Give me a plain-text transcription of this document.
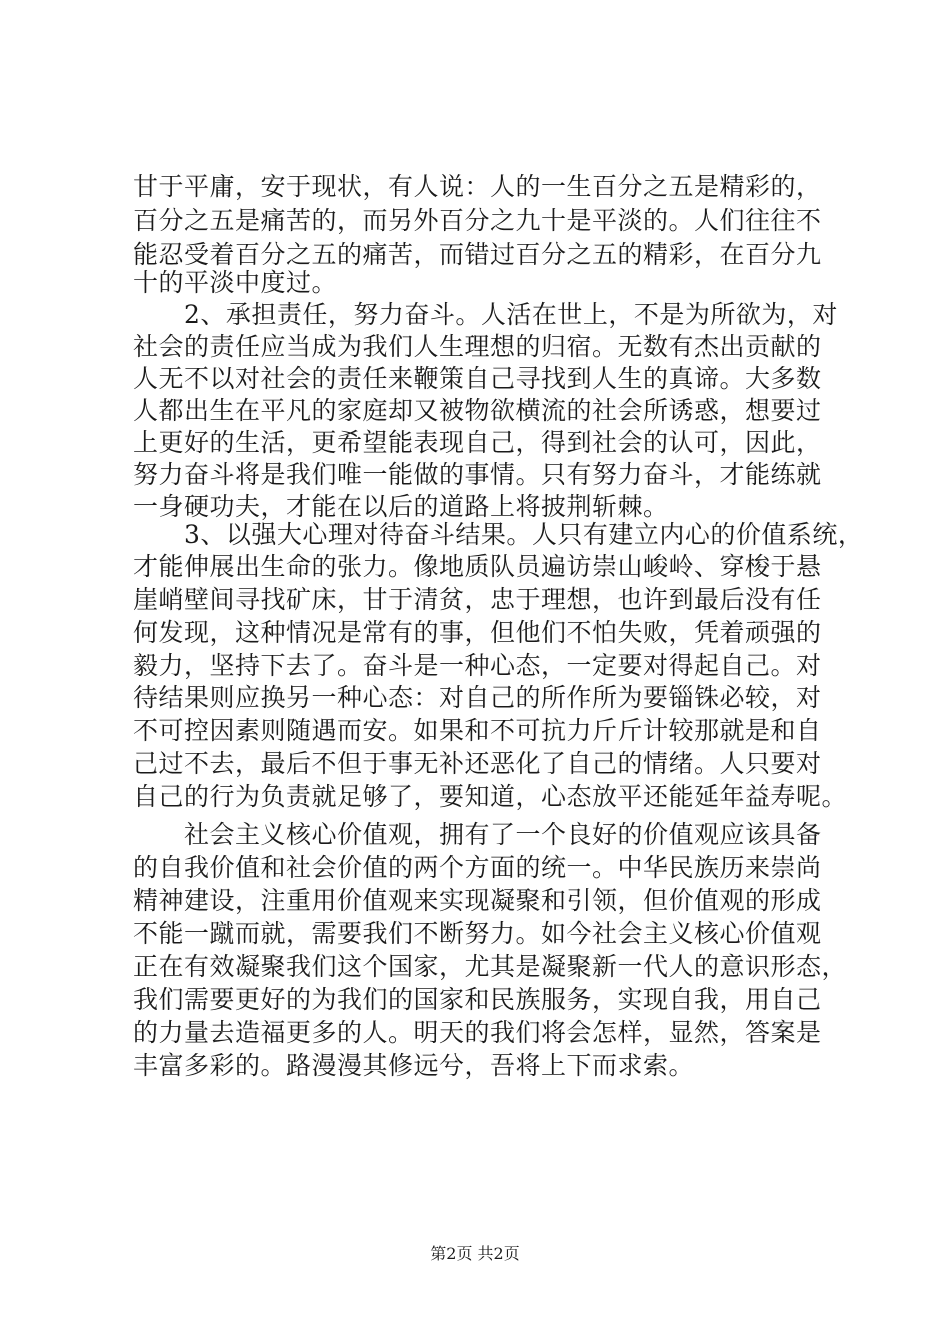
甘于平庸，安于现状，有人说：人的一生百分之五是精彩的，
百分之五是痛苦的，而另外百分之九十是平淡的。人们往往不
能忍受着百分之五的痛苦，而错过百分之五的精彩，在百分九
十的平淡中度过。
　　2、承担责任，努力奋斗。人活在世上，不是为所欲为，对
社会的责任应当成为我们人生理想的归宿。无数有杰出贡献的
人无不以对社会的责任来鞭策自己寻找到人生的真谛。大多数
人都出生在平凡的家庭却又被物欲横流的社会所诱惑，想要过
上更好的生活，更希望能表现自己，得到社会的认可，因此，
努力奋斗将是我们唯一能做的事情。只有努力奋斗，才能练就
一身硬功夫，才能在以后的道路上将披荆斩棘。
　　3、以强大心理对待奋斗结果。人只有建立内心的价值系统，
才能伸展出生命的张力。像地质队员遍访崇山峻岭、穿梭于悬
崖峭壁间寻找矿床，甘于清贫，忠于理想，也许到最后没有任
何发现，这种情况是常有的事，但他们不怕失败，凭着顽强的
毅力，坚持下去了。奋斗是一种心态，一定要对得起自己。对
待结果则应换另一种心态：对自己的所作所为要锱铢必较，对
不可控因素则随遇而安。如果和不可抗力斤斤计较那就是和自
己过不去，最后不但于事无补还恶化了自己的情绪。人只要对
自己的行为负责就足够了，要知道，心态放平还能延年益寿呢。
　　社会主义核心价值观，拥有了一个良好的价值观应该具备
的自我价值和社会价值的两个方面的统一。中华民族历来崇尚
精神建设，注重用价值观来实现凝聚和引领，但价值观的形成
不能一蹴而就，需要我们不断努力。如今社会主义核心价值观
正在有效凝聚我们这个国家，尤其是凝聚新一代人的意识形态，
我们需要更好的为我们的国家和民族服务，实现自我，用自己
的力量去造福更多的人。明天的我们将会怎样，显然，答案是
丰富多彩的。路漫漫其修远兮，吾将上下而求索。
第2页 共2页
